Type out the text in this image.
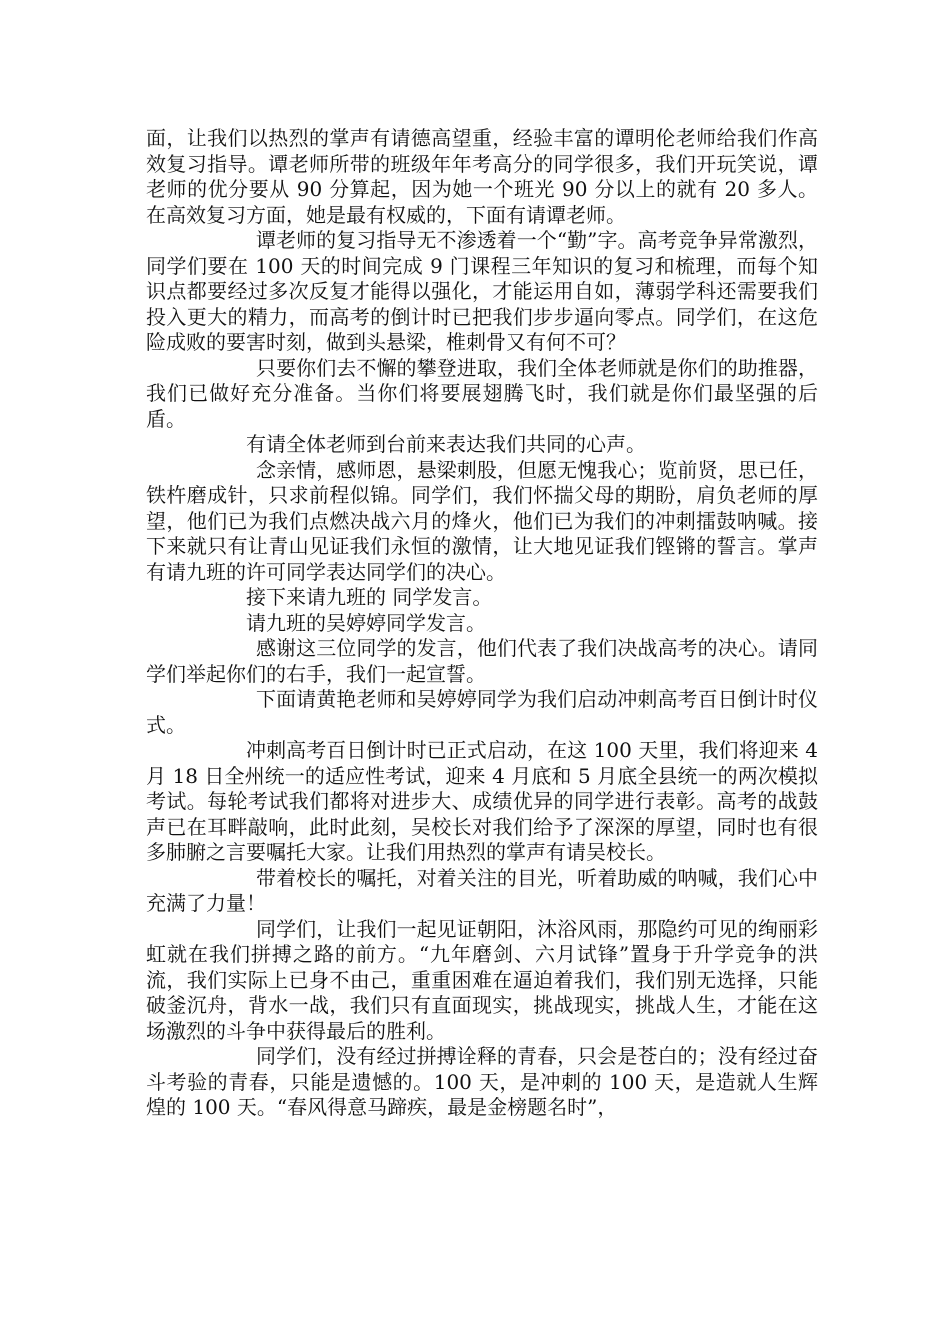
面，让我们以热烈的掌声有请德高望重，经验丰富的谭明伦老师给我们作高效复习指导。谭老师所带的班级年年考高分的同学很多，我们开玩笑说，谭老师的优分要从 90 分算起，因为她一个班光 90 分以上的就有 20 多人。在高效复习方面，她是最有权威的，下面有请谭老师。

谭老师的复习指导无不渗透着一个“勤”字。高考竞争异常激烈，同学们要在 100 天的时间完成 9 门课程三年知识的复习和梳理，而每个知识点都要经过多次反复才能得以强化，才能运用自如，薄弱学科还需要我们投入更大的精力，而高考的倒计时已把我们步步逼向零点。同学们，在这危险成败的要害时刻，做到头悬梁，椎刺骨又有何不可？

只要你们去不懈的攀登进取，我们全体老师就是你们的助推器，我们已做好充分准备。当你们将要展翅腾飞时，我们就是你们最坚强的后盾。

有请全体老师到台前来表达我们共同的心声。

念亲情，感师恩，悬梁刺股，但愿无愧我心；览前贤，思已任，铁杵磨成针，只求前程似锦。同学们，我们怀揣父母的期盼，肩负老师的厚望，他们已为我们点燃决战六月的烽火，他们已为我们的冲刺擂鼓呐喊。接下来就只有让青山见证我们永恒的激情，让大地见证我们铿锵的誓言。掌声有请九班的许可同学表达同学们的决心。

接下来请九班的 同学发言。

请九班的吴婷婷同学发言。

感谢这三位同学的发言，他们代表了我们决战高考的决心。请同学们举起你们的右手，我们一起宣誓。

下面请黄艳老师和吴婷婷同学为我们启动冲刺高考百日倒计时仪式。

冲刺高考百日倒计时已正式启动，在这 100 天里，我们将迎来 4 月 18 日全州统一的适应性考试，迎来 4 月底和 5 月底全县统一的两次模拟考试。每轮考试我们都将对进步大、成绩优异的同学进行表彰。高考的战鼓声已在耳畔敲响，此时此刻，吴校长对我们给予了深深的厚望，同时也有很多肺腑之言要嘱托大家。让我们用热烈的掌声有请吴校长。

带着校长的嘱托，对着关注的目光，听着助威的呐喊，我们心中充满了力量！

同学们，让我们一起见证朝阳，沐浴风雨，那隐约可见的绚丽彩虹就在我们拼搏之路的前方。“九年磨剑、六月试锋”置身于升学竞争的洪流，我们实际上已身不由己，重重困难在逼迫着我们，我们别无选择，只能破釜沉舟，背水一战，我们只有直面现实，挑战现实，挑战人生，才能在这场激烈的斗争中获得最后的胜利。

同学们，没有经过拼搏诠释的青春，只会是苍白的；没有经过奋斗考验的青春，只能是遗憾的。100 天，是冲刺的 100 天，是造就人生辉煌的 100 天。“春风得意马蹄疾，最是金榜题名时”，
